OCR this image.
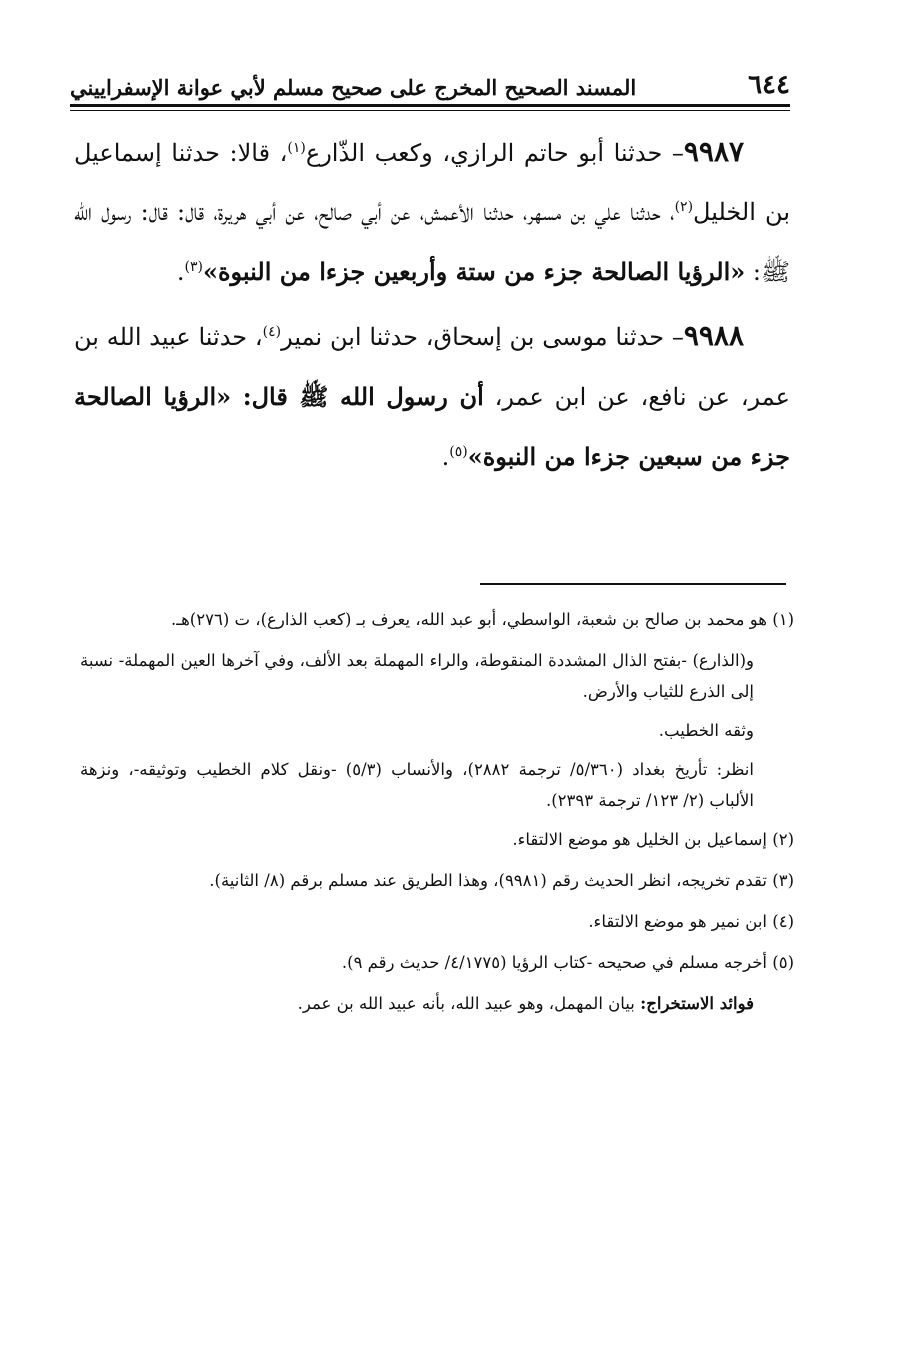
٦٤٤
المسند الصحيح المخرج على صحيح مسلم لأبي عوانة الإسفراييني

٩٩٨٧– حدثنا أبو حاتم الرازي، وكعب الذّارع$^{(١)}$، قالا: حدثنا إسماعيل بن الخليل$^{(٢)}$، حدثنا علي بن مسهر، حدثنا الأعمش، عن أبي صالح، عن أبي هريرة، قال: قال: رسول الله ﷺ: «الرؤيا الصالحة جزء من ستة وأربعين جزءا من النبوة»$^{(٣)}$.

٩٩٨٨– حدثنا موسى بن إسحاق، حدثنا ابن نمير$^{(٤)}$، حدثنا عبيد الله بن عمر، عن نافع، عن ابن عمر، أن رسول الله ﷺ قال: «الرؤيا الصالحة جزء من سبعين جزءا من النبوة»$^{(٥)}$.

(١) هو محمد بن صالح بن شعبة، الواسطي، أبو عبد الله، يعرف بـ (كعب الذارع)، ت (٢٧٦)هـ.

و(الذارع) -بفتح الذال المشددة المنقوطة، والراء المهملة بعد الألف، وفي آخرها العين المهملة- نسبة إلى الذرع للثياب والأرض.

وثقه الخطيب.

انظر: تأريخ بغداد (٥/٣٦٠/ ترجمة ٢٨٨٢)، والأنساب (٥/٣) -ونقل كلام الخطيب وتوثيقه-، ونزهة الألباب (٢/ ١٢٣/ ترجمة ٢٣٩٣).

(٢) إسماعيل بن الخليل هو موضع الالتقاء.

(٣) تقدم تخريجه، انظر الحديث رقم (٩٩٨١)، وهذا الطريق عند مسلم برقم (٨/ الثانية).

(٤) ابن نمير هو موضع الالتقاء.

(٥) أخرجه مسلم في صحيحه -كتاب الرؤيا (٤/١٧٧٥/ حديث رقم ٩).

فوائد الاستخراج: بيان المهمل، وهو عبيد الله، بأنه عبيد الله بن عمر.
